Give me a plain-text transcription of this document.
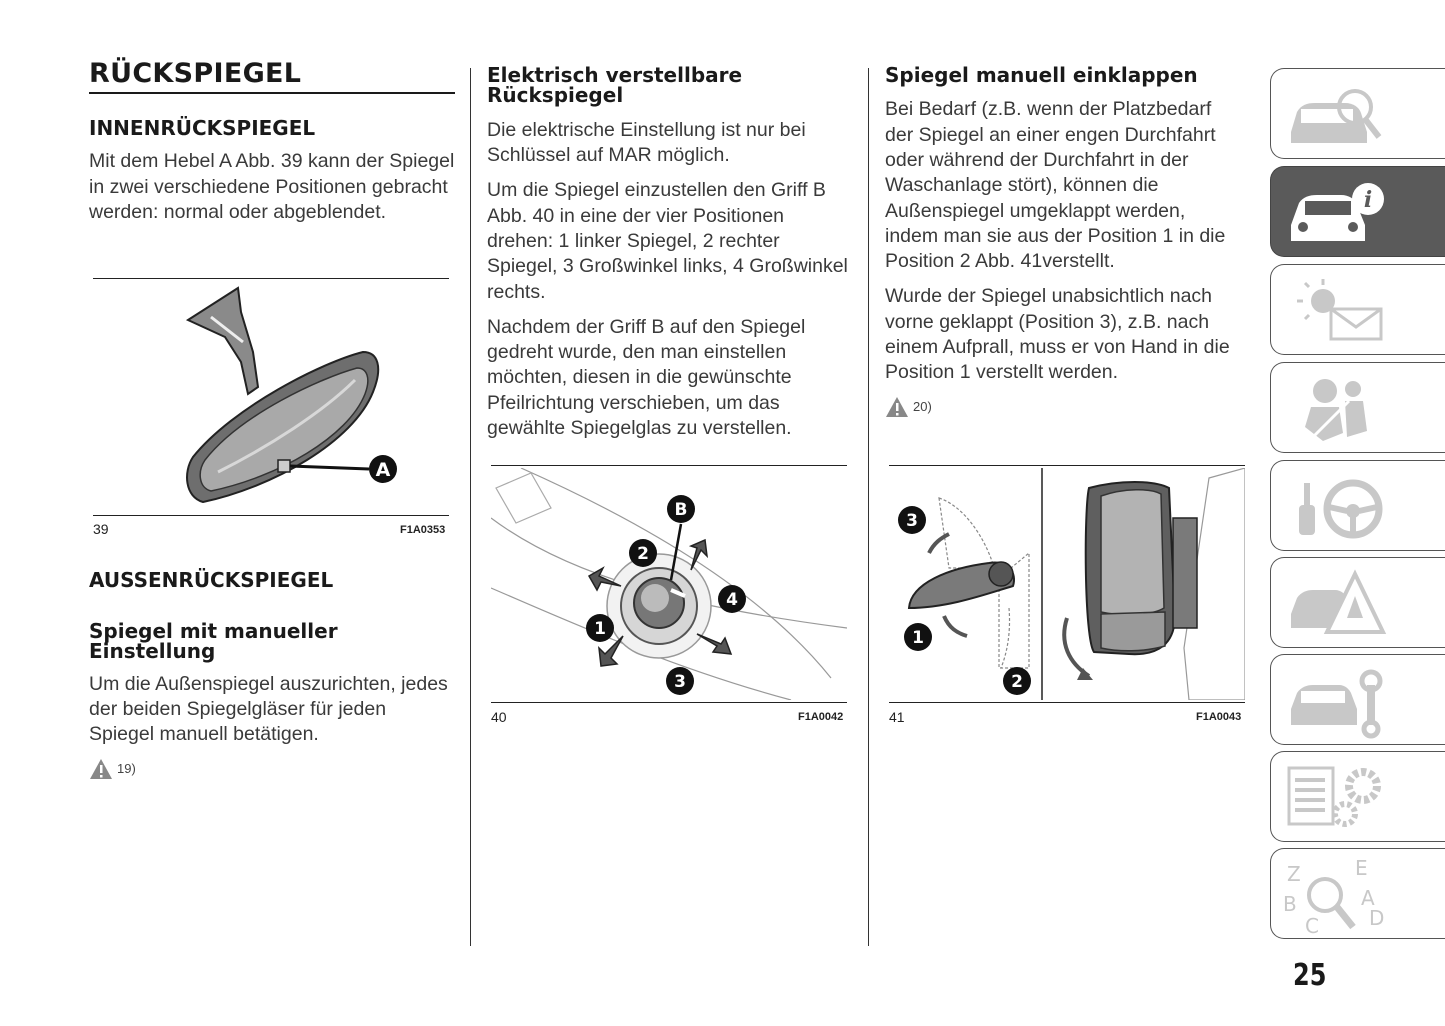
RÜCKSPIEGEL
INNENRÜCKSPIEGEL

Mit dem Hebel A Abb. 39 kann der Spiegel in zwei verschiedene Positionen gebracht werden: normal oder abgeblendet.

A
39	F1A0353
AUSSENRÜCKSPIEGEL
Spiegel mit manueller Einstellung

Um die Außenspiegel auszurichten, jedes der beiden Spiegelgläser für jeden Spiegel manuell betätigen.

19)
Elektrisch verstellbare Rückspiegel

Die elektrische Einstellung ist nur bei Schlüssel auf MAR möglich.

Um die Spiegel einzustellen den Griff B Abb. 40 in eine der vier Positionen drehen: 1 linker Spiegel, 2 rechter Spiegel, 3 Großwinkel links, 4 Großwinkel rechts.

Nachdem der Griff B auf den Spiegel gedreht wurde, den man einstellen möchten, diesen in die gewünschte Pfeilrichtung verschieben, um das gewählte Spiegelglas zu verstellen.

B
2
4
1
3
40	F1A0042
Spiegel manuell einklappen

Bei Bedarf (z.B. wenn der Platzbedarf der Spiegel an einer engen Durchfahrt oder während der Durchfahrt in der Waschanlage stört), können die Außenspiegel umgeklappt werden, indem man sie aus der Position 1 in die Position 2 Abb. 41verstellt.

Wurde der Spiegel unabsichtlich nach vorne geklappt (Position 3), z.B. nach einem Aufprall, muss er von Hand in die Position 1 verstellt werden.

20)
3
1
2
41	F1A0043
i
Z	E
A
B
C	D
25
